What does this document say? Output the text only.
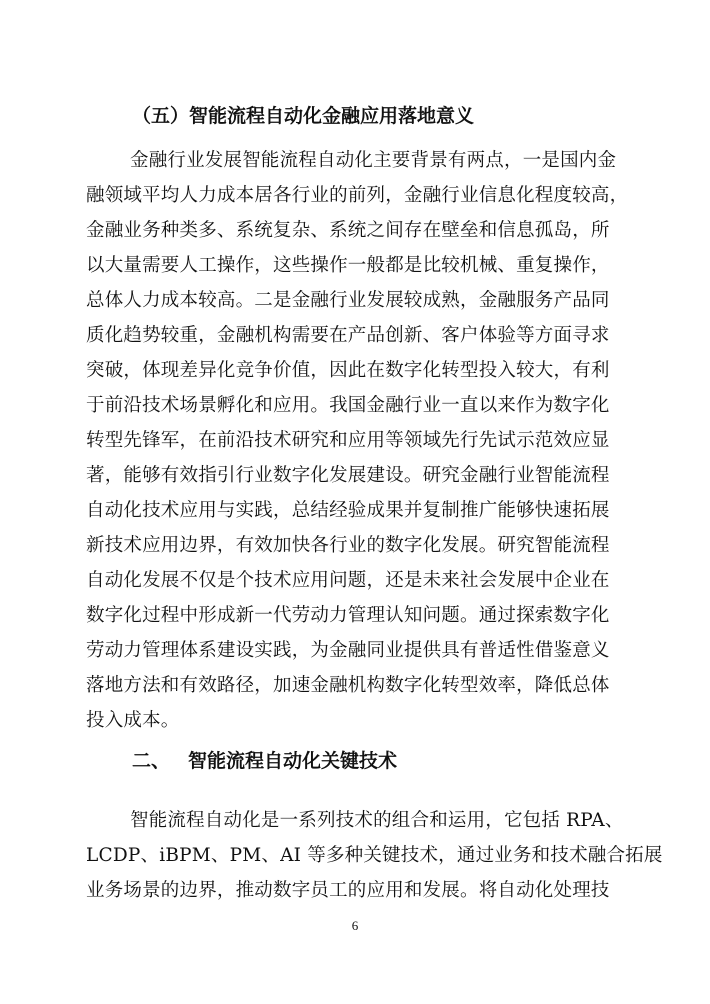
（五）智能流程自动化金融应用落地意义
金融行业发展智能流程自动化主要背景有两点，一是国内金
融领域平均人力成本居各行业的前列，金融行业信息化程度较高，
金融业务种类多、系统复杂、系统之间存在壁垒和信息孤岛，所
以大量需要人工操作，这些操作一般都是比较机械、重复操作，
总体人力成本较高。二是金融行业发展较成熟，金融服务产品同
质化趋势较重，金融机构需要在产品创新、客户体验等方面寻求
突破，体现差异化竞争价值，因此在数字化转型投入较大，有利
于前沿技术场景孵化和应用。我国金融行业一直以来作为数字化
转型先锋军，在前沿技术研究和应用等领域先行先试示范效应显
著，能够有效指引行业数字化发展建设。研究金融行业智能流程
自动化技术应用与实践，总结经验成果并复制推广能够快速拓展
新技术应用边界，有效加快各行业的数字化发展。研究智能流程
自动化发展不仅是个技术应用问题，还是未来社会发展中企业在
数字化过程中形成新一代劳动力管理认知问题。通过探索数字化
劳动力管理体系建设实践，为金融同业提供具有普适性借鉴意义
落地方法和有效路径，加速金融机构数字化转型效率，降低总体
投入成本。
二、 智能流程自动化关键技术
智能流程自动化是一系列技术的组合和运用，它包括 RPA、
LCDP、iBPM、PM、AI 等多种关键技术，通过业务和技术融合拓展
业务场景的边界，推动数字员工的应用和发展。将自动化处理技
6
